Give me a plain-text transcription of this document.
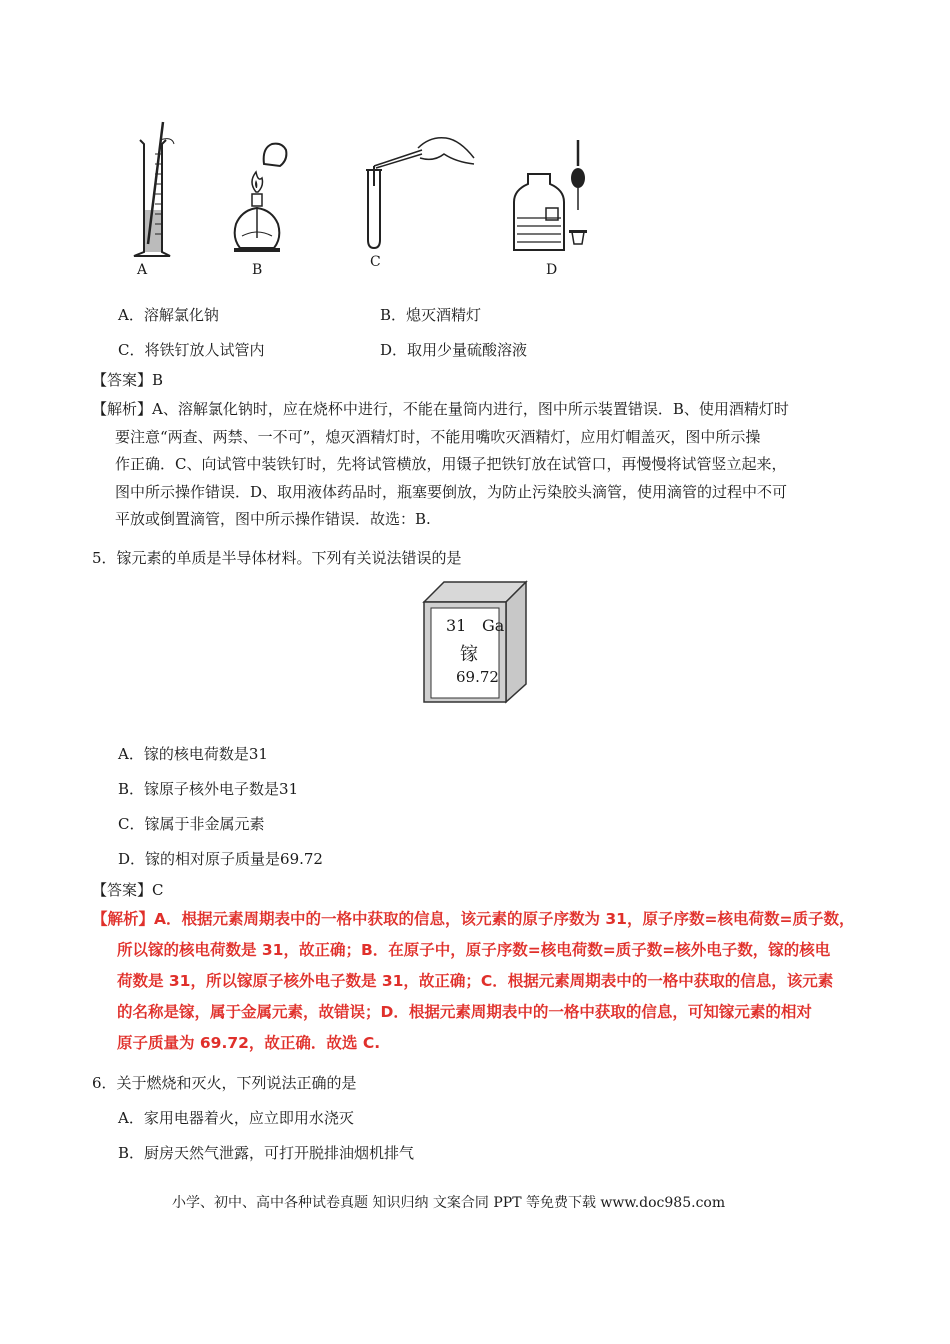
A	B	C	D
A．溶解氯化钠	B．熄灭酒精灯
C．将铁钉放人试管内	D．取用少量硫酸溶液
【答案】B
【解析】A、溶解氯化钠时，应在烧杯中进行，不能在量筒内进行，图中所示装置错误．B、使用酒精灯时
要注意“两查、两禁、一不可”，熄灭酒精灯时，不能用嘴吹灭酒精灯，应用灯帽盖灭，图中所示操
作正确．C、向试管中装铁钉时，先将试管横放，用镊子把铁钉放在试管口，再慢慢将试管竖立起来，
图中所示操作错误．D、取用液体药品时，瓶塞要倒放，为防止污染胶头滴管，使用滴管的过程中不可
平放或倒置滴管，图中所示操作错误．故选：B.
5．镓元素的单质是半导体材料。下列有关说法错误的是
31 Ga
镓
69.72
A．镓的核电荷数是31
B．镓原子核外电子数是31
C．镓属于非金属元素
D．镓的相对原子质量是69.72
【答案】C
【解析】A．根据元素周期表中的一格中获取的信息，该元素的原子序数为 31，原子序数=核电荷数=质子数，
所以镓的核电荷数是 31，故正确；B．在原子中，原子序数=核电荷数=质子数=核外电子数，镓的核电
荷数是 31，所以镓原子核外电子数是 31，故正确；C．根据元素周期表中的一格中获取的信息，该元素
的名称是镓，属于金属元素，故错误；D．根据元素周期表中的一格中获取的信息，可知镓元素的相对
原子质量为 69.72，故正确．故选 C.
6．关于燃烧和灭火，下列说法正确的是
A．家用电器着火，应立即用水浇灭
B．厨房天然气泄露，可打开脱排油烟机排气
小学、初中、高中各种试卷真题 知识归纳 文案合同 PPT 等免费下载 www.doc985.com
